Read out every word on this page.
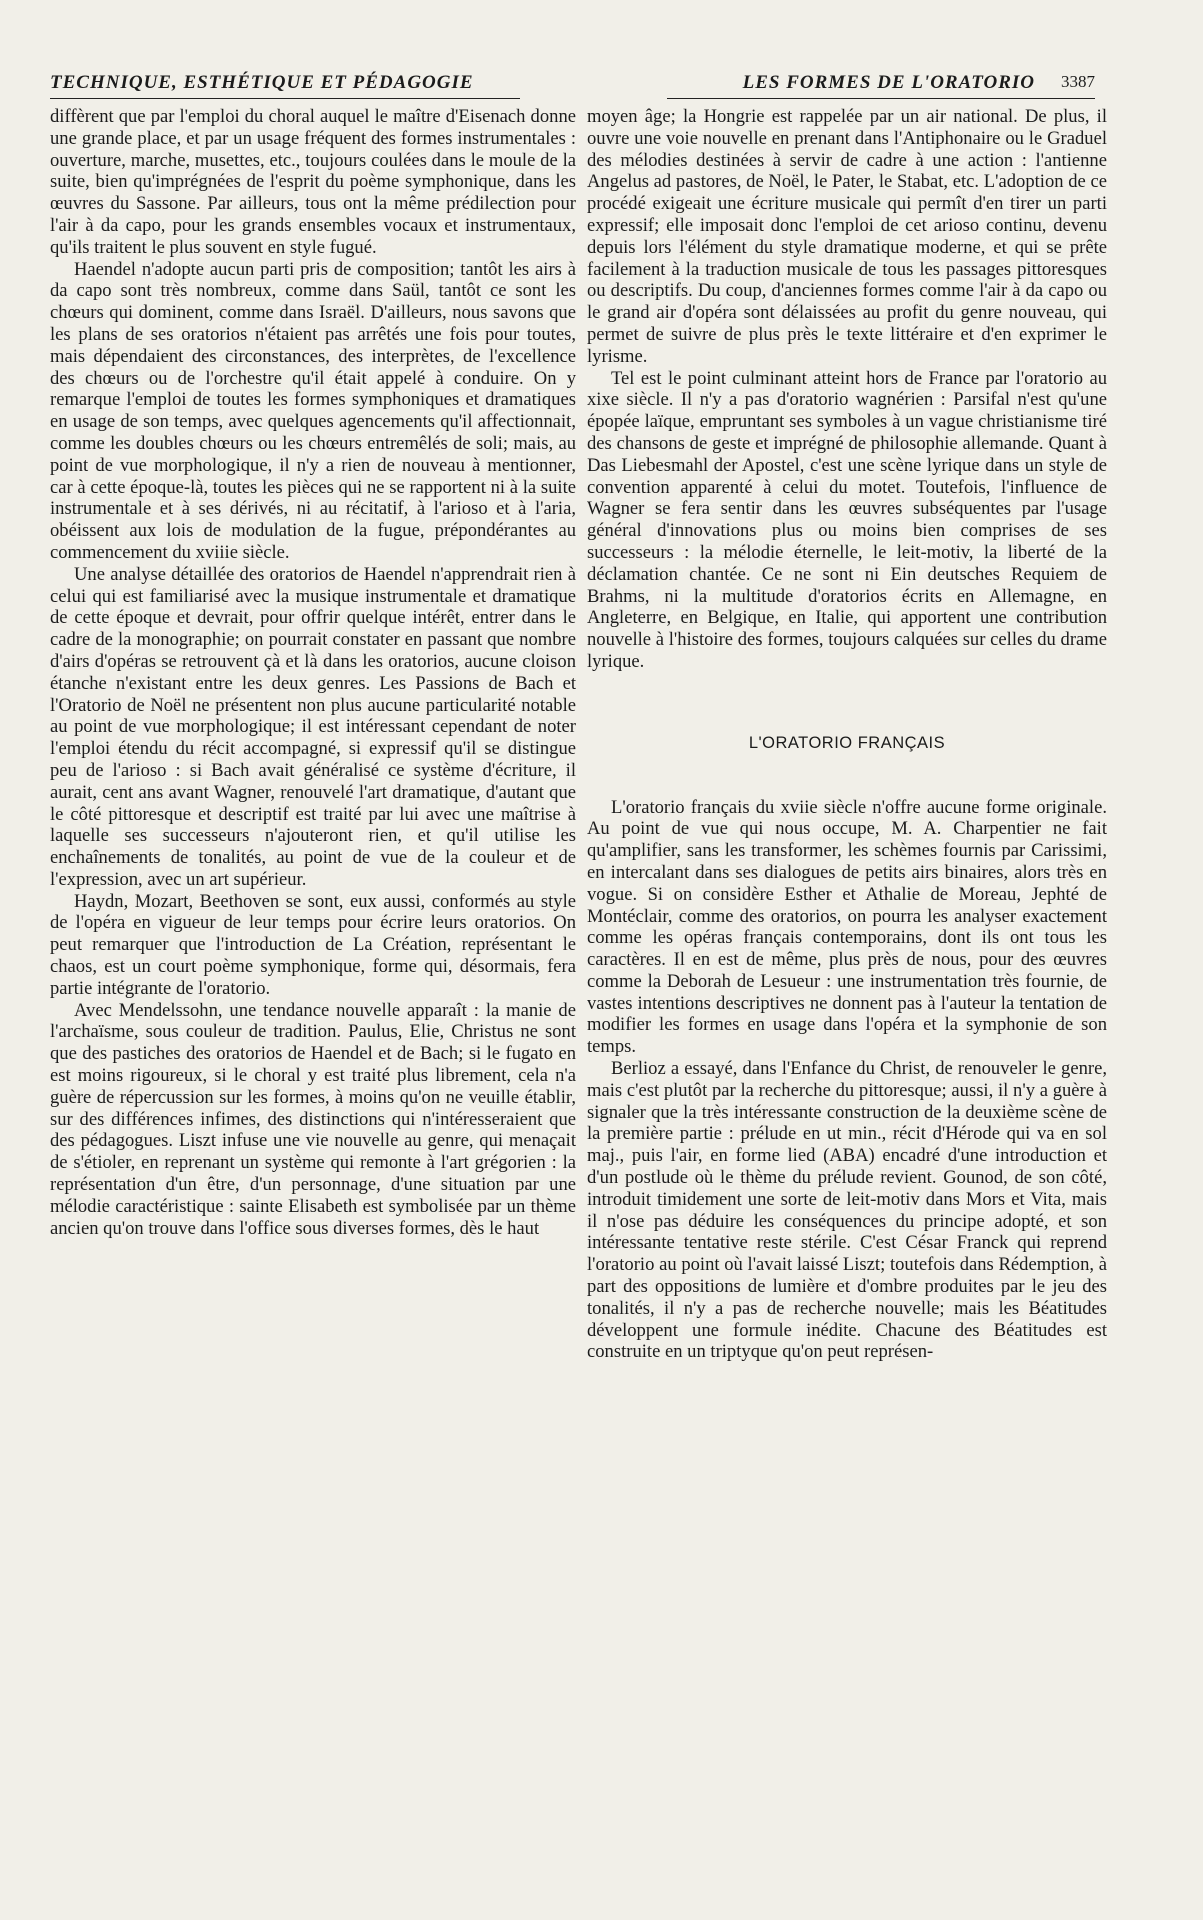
TECHNIQUE, ESTHÉTIQUE ET PÉDAGOGIE	LES FORMES DE L'ORATORIO 3387

diffèrent que par l'emploi du choral auquel le maître d'Eisenach donne une grande place, et par un usage fréquent des formes instrumentales : ouverture, marche, musettes, etc., toujours coulées dans le moule de la suite, bien qu'imprégnées de l'esprit du poème symphonique, dans les œuvres du Sassone. Par ailleurs, tous ont la même prédilection pour l'air à da capo, pour les grands ensembles vocaux et instrumentaux, qu'ils traitent le plus souvent en style fugué.

Haendel n'adopte aucun parti pris de composition; tantôt les airs à da capo sont très nombreux, comme dans Saül, tantôt ce sont les chœurs qui dominent, comme dans Israël. D'ailleurs, nous savons que les plans de ses oratorios n'étaient pas arrêtés une fois pour toutes, mais dépendaient des circonstances, des interprètes, de l'excellence des chœurs ou de l'orchestre qu'il était appelé à conduire. On y remarque l'emploi de toutes les formes symphoniques et dramatiques en usage de son temps, avec quelques agencements qu'il affectionnait, comme les doubles chœurs ou les chœurs entremêlés de soli; mais, au point de vue morphologique, il n'y a rien de nouveau à mentionner, car à cette époque-là, toutes les pièces qui ne se rapportent ni à la suite instrumentale et à ses dérivés, ni au récitatif, à l'arioso et à l'aria, obéissent aux lois de modulation de la fugue, prépondérantes au commencement du xviiie siècle.

Une analyse détaillée des oratorios de Haendel n'apprendrait rien à celui qui est familiarisé avec la musique instrumentale et dramatique de cette époque et devrait, pour offrir quelque intérêt, entrer dans le cadre de la monographie; on pourrait constater en passant que nombre d'airs d'opéras se retrouvent çà et là dans les oratorios, aucune cloison étanche n'existant entre les deux genres. Les Passions de Bach et l'Oratorio de Noël ne présentent non plus aucune particularité notable au point de vue morphologique; il est intéressant cependant de noter l'emploi étendu du récit accompagné, si expressif qu'il se distingue peu de l'arioso : si Bach avait généralisé ce système d'écriture, il aurait, cent ans avant Wagner, renouvelé l'art dramatique, d'autant que le côté pittoresque et descriptif est traité par lui avec une maîtrise à laquelle ses successeurs n'ajouteront rien, et qu'il utilise les enchaînements de tonalités, au point de vue de la couleur et de l'expression, avec un art supérieur.

Haydn, Mozart, Beethoven se sont, eux aussi, conformés au style de l'opéra en vigueur de leur temps pour écrire leurs oratorios. On peut remarquer que l'introduction de La Création, représentant le chaos, est un court poème symphonique, forme qui, désormais, fera partie intégrante de l'oratorio.

Avec Mendelssohn, une tendance nouvelle apparaît : la manie de l'archaïsme, sous couleur de tradition. Paulus, Elie, Christus ne sont que des pastiches des oratorios de Haendel et de Bach; si le fugato en est moins rigoureux, si le choral y est traité plus librement, cela n'a guère de répercussion sur les formes, à moins qu'on ne veuille établir, sur des différences infimes, des distinctions qui n'intéresseraient que des pédagogues. Liszt infuse une vie nouvelle au genre, qui menaçait de s'étioler, en reprenant un système qui remonte à l'art grégorien : la représentation d'un être, d'un personnage, d'une situation par une mélodie caractéristique : sainte Elisabeth est symbolisée par un thème ancien qu'on trouve dans l'office sous diverses formes, dès le haut

moyen âge; la Hongrie est rappelée par un air national. De plus, il ouvre une voie nouvelle en prenant dans l'Antiphonaire ou le Graduel des mélodies destinées à servir de cadre à une action : l'antienne Angelus ad pastores, de Noël, le Pater, le Stabat, etc. L'adoption de ce procédé exigeait une écriture musicale qui permît d'en tirer un parti expressif; elle imposait donc l'emploi de cet arioso continu, devenu depuis lors l'élément du style dramatique moderne, et qui se prête facilement à la traduction musicale de tous les passages pittoresques ou descriptifs. Du coup, d'anciennes formes comme l'air à da capo ou le grand air d'opéra sont délaissées au profit du genre nouveau, qui permet de suivre de plus près le texte littéraire et d'en exprimer le lyrisme.

Tel est le point culminant atteint hors de France par l'oratorio au xixe siècle. Il n'y a pas d'oratorio wagnérien : Parsifal n'est qu'une épopée laïque, empruntant ses symboles à un vague christianisme tiré des chansons de geste et imprégné de philosophie allemande. Quant à Das Liebesmahl der Apostel, c'est une scène lyrique dans un style de convention apparenté à celui du motet. Toutefois, l'influence de Wagner se fera sentir dans les œuvres subséquentes par l'usage général d'innovations plus ou moins bien comprises de ses successeurs : la mélodie éternelle, le leit-motiv, la liberté de la déclamation chantée. Ce ne sont ni Ein deutsches Requiem de Brahms, ni la multitude d'oratorios écrits en Allemagne, en Angleterre, en Belgique, en Italie, qui apportent une contribution nouvelle à l'histoire des formes, toujours calquées sur celles du drame lyrique.

L'ORATORIO FRANÇAIS

L'oratorio français du xviie siècle n'offre aucune forme originale. Au point de vue qui nous occupe, M. A. Charpentier ne fait qu'amplifier, sans les transformer, les schèmes fournis par Carissimi, en intercalant dans ses dialogues de petits airs binaires, alors très en vogue. Si on considère Esther et Athalie de Moreau, Jephté de Montéclair, comme des oratorios, on pourra les analyser exactement comme les opéras français contemporains, dont ils ont tous les caractères. Il en est de même, plus près de nous, pour des œuvres comme la Deborah de Lesueur : une instrumentation très fournie, de vastes intentions descriptives ne donnent pas à l'auteur la tentation de modifier les formes en usage dans l'opéra et la symphonie de son temps.

Berlioz a essayé, dans l'Enfance du Christ, de renouveler le genre, mais c'est plutôt par la recherche du pittoresque; aussi, il n'y a guère à signaler que la très intéressante construction de la deuxième scène de la première partie : prélude en ut min., récit d'Hérode qui va en sol maj., puis l'air, en forme lied (ABA) encadré d'une introduction et d'un postlude où le thème du prélude revient. Gounod, de son côté, introduit timidement une sorte de leit-motiv dans Mors et Vita, mais il n'ose pas déduire les conséquences du principe adopté, et son intéressante tentative reste stérile. C'est César Franck qui reprend l'oratorio au point où l'avait laissé Liszt; toutefois dans Rédemption, à part des oppositions de lumière et d'ombre produites par le jeu des tonalités, il n'y a pas de recherche nouvelle; mais les Béatitudes développent une formule inédite. Chacune des Béatitudes est construite en un triptyque qu'on peut représen-
